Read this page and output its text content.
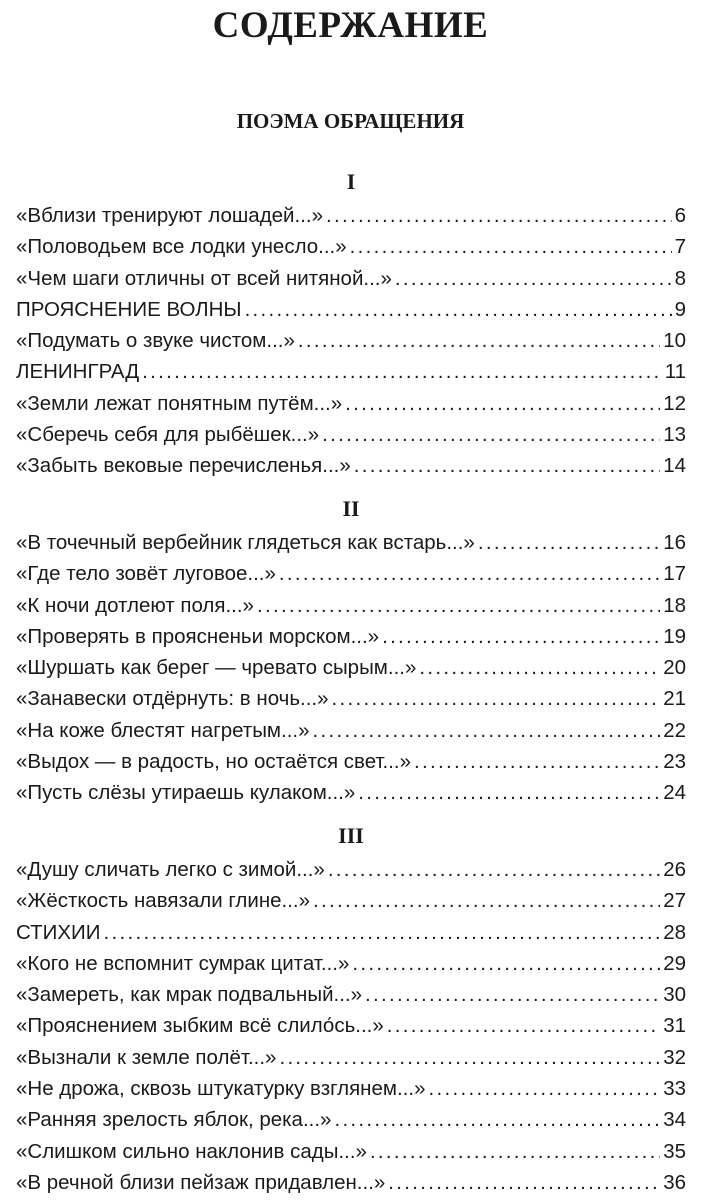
СОДЕРЖАНИЕ
ПОЭМА ОБРАЩЕНИЯ
I
«Вблизи тренируют лошадей...» . . .	6
«Половодьем все лодки унесло...» . . .	7
«Чем шаги отличны от всей нитяной...» . . .	8
ПРОЯСНЕНИЕ ВОЛНЫ . . .	9
«Подумать о звуке чистом...» . . .	10
ЛЕНИНГРАД . . .	11
«Земли лежат понятным путём...» . . .	12
«Сберечь себя для рыбёшек...» . . .	13
«Забыть вековые перечисленья...» . . .	14
II
«В точечный вербейник глядеться как встарь...» . . .	16
«Где тело зовёт луговое...» . . .	17
«К ночи дотлеют поля...» . . .	18
«Проверять в проясненьи морском...» . . .	19
«Шуршать как берег — чревато сырым...» . . .	20
«Занавески отдёрнуть: в ночь...» . . .	21
«На коже блестят нагретым...» . . .	22
«Выдох — в радость, но остаётся свет...» . . .	23
«Пусть слёзы утираешь кулаком...» . . .	24
III
«Душу сличать легко с зимой...» . . .	26
«Жёсткость навязали глине...» . . .	27
СТИХИИ . . .	28
«Кого не вспомнит сумрак цитат...» . . .	29
«Замереть, как мрак подвальный...» . . .	30
«Прояснением зыбким всё слило́сь...» . . .	31
«Вызнали к земле полёт...» . . .	32
«Не дрожа, сквозь штукатурку взглянем...» . . .	33
«Ранняя зрелость яблок, река...» . . .	34
«Слишком сильно наклонив сады...» . . .	35
«В речной близи пейзаж придавлен...» . . .	36
